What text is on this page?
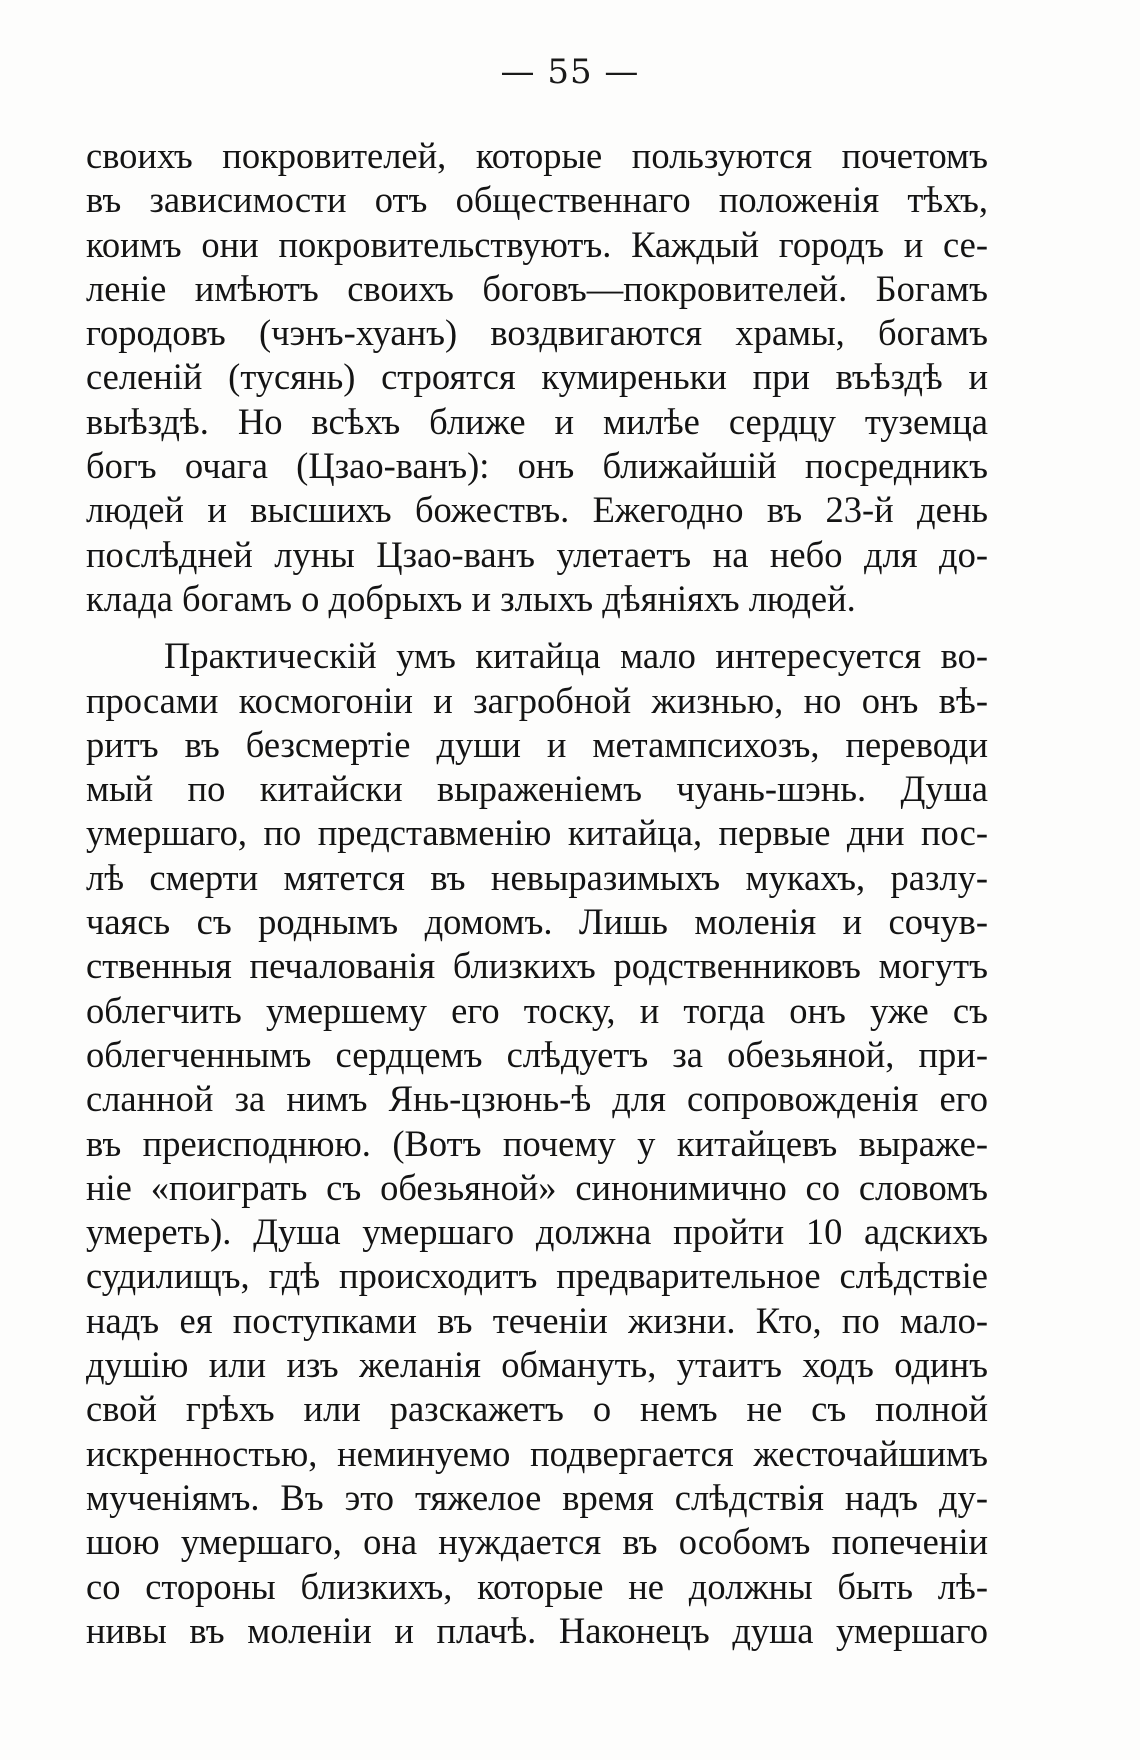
— 55 —
своихъ покровителей, которые пользуются почетомъ
въ зависимости отъ общественнаго положенія тѣхъ,
коимъ они покровительствуютъ. Каждый городъ и се-
леніе имѣютъ своихъ боговъ—покровителей. Богамъ
городовъ (чэнъ-хуанъ) воздвигаются храмы, богамъ
селеній (тусянь) строятся кумиреньки при въѣздѣ и
выѣздѣ. Но всѣхъ ближе и милѣе сердцу туземца
богъ очага (Цзао-ванъ): онъ ближайшій посредникъ
людей и высшихъ божествъ. Ежегодно въ 23-й день
послѣдней луны Цзао-ванъ улетаетъ на небо для до-
клада богамъ о добрыхъ и злыхъ дѣяніяхъ людей.
Практическій умъ китайца мало интересуется во-
просами космогоніи и загробной жизнью, но онъ вѣ-
ритъ въ безсмертіе души и метампсихозъ, переводи
мый по китайски выраженіемъ чуань-шэнь. Душа
умершаго, по представменію китайца, первые дни пос-
лѣ смерти мятется въ невыразимыхъ мукахъ, разлу-
чаясь съ роднымъ домомъ. Лишь моленія и сочув-
ственныя печалованія близкихъ родственниковъ могутъ
облегчить умершему его тоску, и тогда онъ уже съ
облегченнымъ сердцемъ слѣдуетъ за обезьяной, при-
сланной за нимъ Янь-цзюнь-ѣ для сопровожденія его
въ преисподнюю. (Вотъ почему у китайцевъ выраже-
ніе «поиграть съ обезьяной» синонимично со словомъ
умереть). Душа умершаго должна пройти 10 адскихъ
судилищъ, гдѣ происходитъ предварительное слѣдствіе
надъ ея поступками въ теченіи жизни. Кто, по мало-
душію или изъ желанія обмануть, утаитъ ходъ одинъ
свой грѣхъ или разскажетъ о немъ не съ полной
искренностью, неминуемо подвергается жесточайшимъ
мученіямъ. Въ это тяжелое время слѣдствія надъ ду-
шою умершаго, она нуждается въ особомъ попеченіи
со стороны близкихъ, которые не должны быть лѣ-
нивы въ моленіи и плачѣ. Наконецъ душа умершаго
